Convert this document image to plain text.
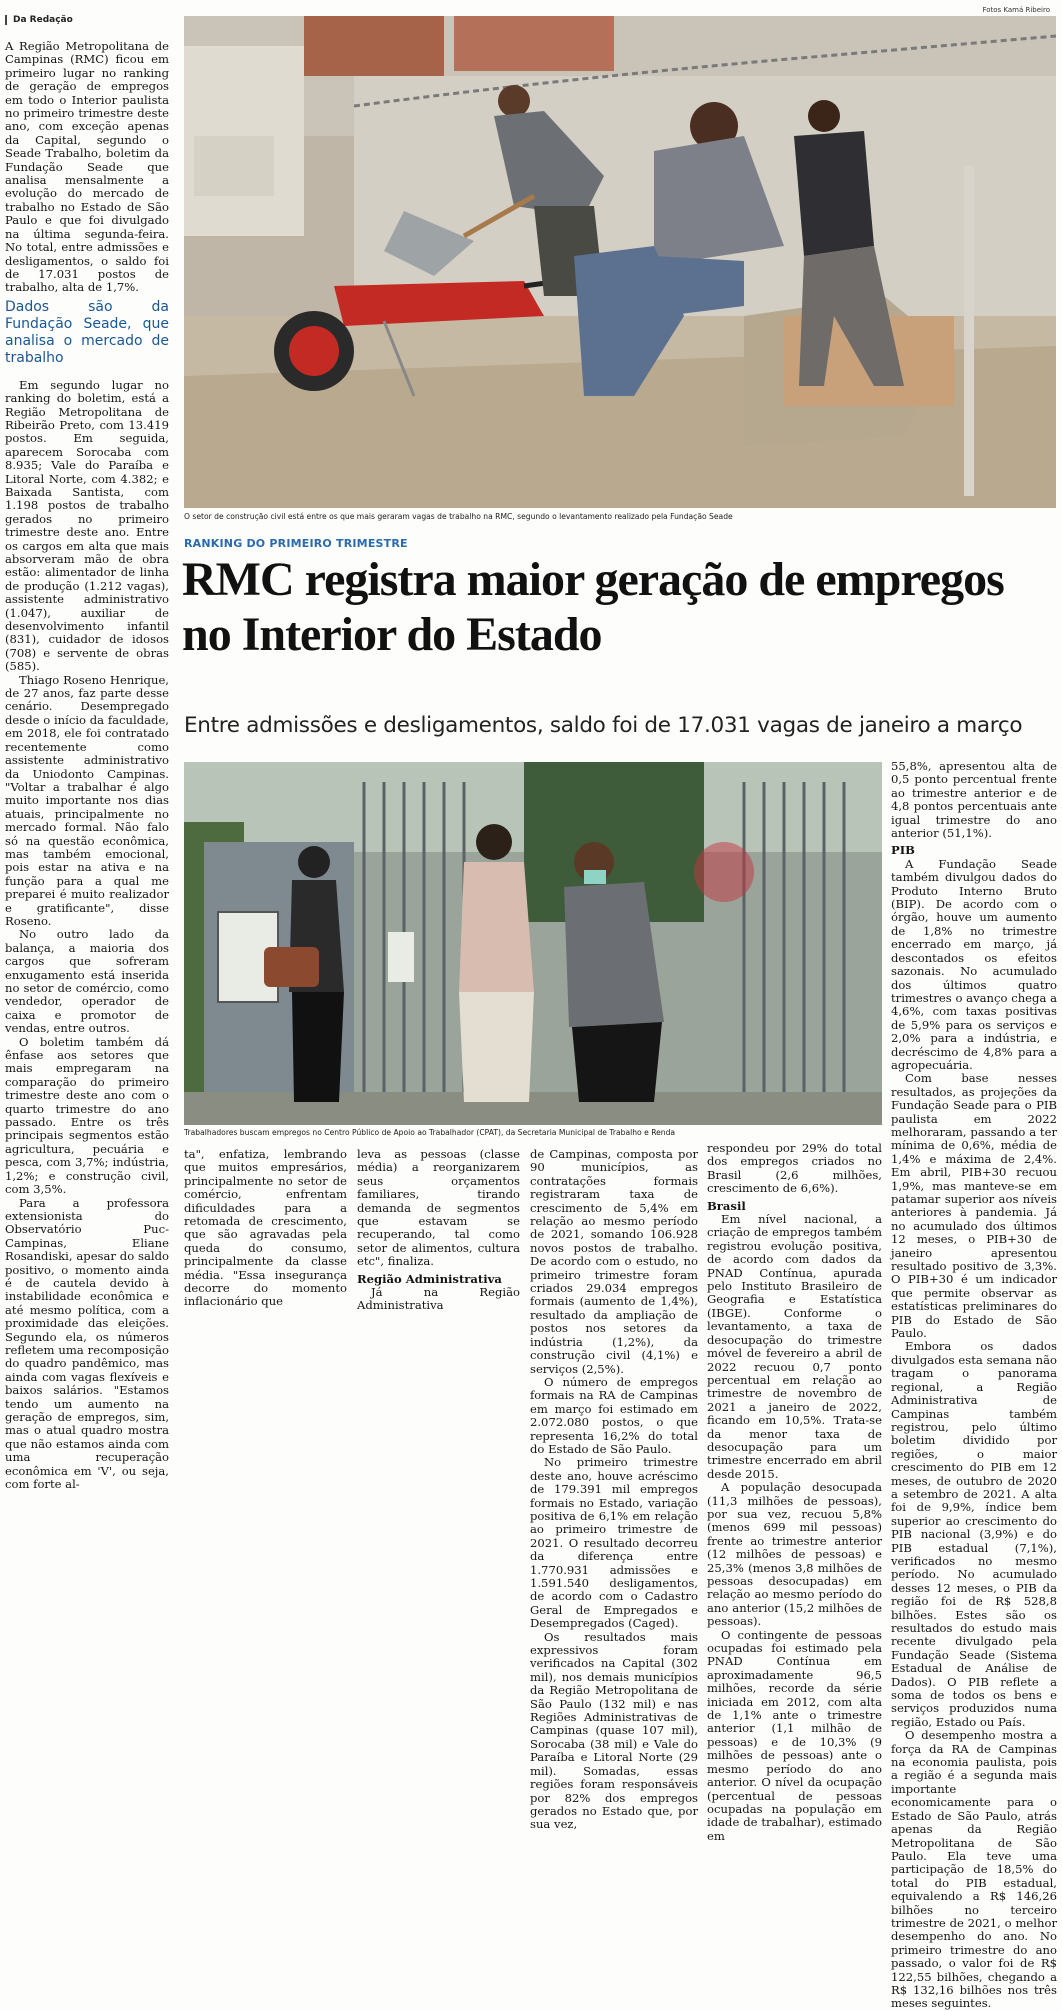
Fotos Kamá Ribeiro
Da Redação

A Região Metropolitana de Campinas (RMC) ficou em primeiro lugar no ranking de geração de empregos em todo o Interior paulista no primeiro trimestre deste ano, com exceção apenas da Capital, segundo o Seade Trabalho, boletim da Fundação Seade que analisa mensalmente a evolução do mercado de trabalho no Estado de São Paulo e que foi divulgado na última segunda-feira. No total, entre admissões e desligamentos, o saldo foi de 17.031 postos de trabalho, alta de 1,7%.

Dados são da Fundação Seade, que analisa o mercado de trabalho

Em segundo lugar no ranking do boletim, está a Região Metropolitana de Ribeirão Preto, com 13.419 postos. Em seguida, aparecem Sorocaba com 8.935; Vale do Paraíba e Litoral Norte, com 4.382; e Baixada Santista, com 1.198 postos de trabalho gerados no primeiro trimestre deste ano. Entre os cargos em alta que mais absorveram mão de obra estão: alimentador de linha de produção (1.212 vagas), assistente administrativo (1.047), auxiliar de desenvolvimento infantil (831), cuidador de idosos (708) e servente de obras (585).

Thiago Roseno Henrique, de 27 anos, faz parte desse cenário. Desempregado desde o início da faculdade, em 2018, ele foi contratado recentemente como assistente administrativo da Uniodonto Campinas. "Voltar a trabalhar é algo muito importante nos dias atuais, principalmente no mercado formal. Não falo só na questão econômica, mas também emocional, pois estar na ativa e na função para a qual me preparei é muito realizador e gratificante", disse Roseno.

No outro lado da balança, a maioria dos cargos que sofreram enxugamento está inserida no setor de comércio, como vendedor, operador de caixa e promotor de vendas, entre outros.

O boletim também dá ênfase aos setores que mais empregaram na comparação do primeiro trimestre deste ano com o quarto trimestre do ano passado. Entre os três principais segmentos estão agricultura, pecuária e pesca, com 3,7%; indústria, 1,2%; e construção civil, com 3,5%.

Para a professora extensionista do Observatório Puc-Campinas, Eliane Rosandiski, apesar do saldo positivo, o momento ainda é de cautela devido à instabilidade econômica e até mesmo política, com a proximidade das eleições. Segundo ela, os números refletem uma recomposição do quadro pandêmico, mas ainda com vagas flexíveis e baixos salários. "Estamos tendo um aumento na geração de empregos, sim, mas o atual quadro mostra que não estamos ainda com uma recuperação econômica em 'V', ou seja, com forte al-

O setor de construção civil está entre os que mais geraram vagas de trabalho na RMC, segundo o levantamento realizado pela Fundação Seade
RANKING DO PRIMEIRO TRIMESTRE
RMC registra maior geração de empregos no Interior do Estado
Entre admissões e desligamentos, saldo foi de 17.031 vagas de janeiro a março
Trabalhadores buscam empregos no Centro Público de Apoio ao Trabalhador (CPAT), da Secretaria Municipal de Trabalho e Renda

ta", enfatiza, lembrando que muitos empresários, principalmente no setor de comércio, enfrentam dificuldades para a retomada de crescimento, que são agravadas pela queda do consumo, principalmente da classe média. "Essa insegurança decorre do momento inflacionário que

leva as pessoas (classe média) a reorganizarem seus orçamentos familiares, tirando demanda de segmentos que estavam se recuperando, tal como setor de alimentos, cultura etc", finaliza.

Região Administrativa

Já na Região Administrativa

de Campinas, composta por 90 municípios, as contratações formais registraram taxa de crescimento de 5,4% em relação ao mesmo período de 2021, somando 106.928 novos postos de trabalho. De acordo com o estudo, no primeiro trimestre foram criados 29.034 empregos formais (aumento de 1,4%), resultado da ampliação de postos nos setores da indústria (1,2%), da construção civil (4,1%) e serviços (2,5%).

O número de empregos formais na RA de Campinas em março foi estimado em 2.072.080 postos, o que representa 16,2% do total do Estado de São Paulo.

No primeiro trimestre deste ano, houve acréscimo de 179.391 mil empregos formais no Estado, variação positiva de 6,1% em relação ao primeiro trimestre de 2021. O resultado decorreu da diferença entre 1.770.931 admissões e 1.591.540 desligamentos, de acordo com o Cadastro Geral de Empregados e Desempregados (Caged).

Os resultados mais expressivos foram verificados na Capital (302 mil), nos demais municípios da Região Metropolitana de São Paulo (132 mil) e nas Regiões Administrativas de Campinas (quase 107 mil), Sorocaba (38 mil) e Vale do Paraíba e Litoral Norte (29 mil). Somadas, essas regiões foram responsáveis por 82% dos empregos gerados no Estado que, por sua vez,

respondeu por 29% do total dos empregos criados no Brasil (2,6 milhões, crescimento de 6,6%).

Brasil

Em nível nacional, a criação de empregos também registrou evolução positiva, de acordo com dados da PNAD Contínua, apurada pelo Instituto Brasileiro de Geografia e Estatística (IBGE). Conforme o levantamento, a taxa de desocupação do trimestre móvel de fevereiro a abril de 2022 recuou 0,7 ponto percentual em relação ao trimestre de novembro de 2021 a janeiro de 2022, ficando em 10,5%. Trata-se da menor taxa de desocupação para um trimestre encerrado em abril desde 2015.

A população desocupada (11,3 milhões de pessoas), por sua vez, recuou 5,8% (menos 699 mil pessoas) frente ao trimestre anterior (12 milhões de pessoas) e 25,3% (menos 3,8 milhões de pessoas desocupadas) em relação ao mesmo período do ano anterior (15,2 milhões de pessoas).

O contingente de pessoas ocupadas foi estimado pela PNAD Contínua em aproximadamente 96,5 milhões, recorde da série iniciada em 2012, com alta de 1,1% ante o trimestre anterior (1,1 milhão de pessoas) e de 10,3% (9 milhões de pessoas) ante o mesmo período do ano anterior. O nível da ocupação (percentual de pessoas ocupadas na população em idade de trabalhar), estimado em

55,8%, apresentou alta de 0,5 ponto percentual frente ao trimestre anterior e de 4,8 pontos percentuais ante igual trimestre do ano anterior (51,1%).

PIB

A Fundação Seade também divulgou dados do Produto Interno Bruto (BIP). De acordo com o órgão, houve um aumento de 1,8% no trimestre encerrado em março, já descontados os efeitos sazonais. No acumulado dos últimos quatro trimestres o avanço chega a 4,6%, com taxas positivas de 5,9% para os serviços e 2,0% para a indústria, e decréscimo de 4,8% para a agropecuária.

Com base nesses resultados, as projeções da Fundação Seade para o PIB paulista em 2022 melhoraram, passando a ter mínima de 0,6%, média de 1,4% e máxima de 2,4%. Em abril, PIB+30 recuou 1,9%, mas manteve-se em patamar superior aos níveis anteriores à pandemia. Já no acumulado dos últimos 12 meses, o PIB+30 de janeiro apresentou resultado positivo de 3,3%. O PIB+30 é um indicador que permite observar as estatísticas preliminares do PIB do Estado de São Paulo.

Embora os dados divulgados esta semana não tragam o panorama regional, a Região Administrativa de Campinas também registrou, pelo último boletim dividido por regiões, o maior crescimento do PIB em 12 meses, de outubro de 2020 a setembro de 2021. A alta foi de 9,9%, índice bem superior ao crescimento do PIB nacional (3,9%) e do PIB estadual (7,1%), verificados no mesmo período. No acumulado desses 12 meses, o PIB da região foi de R$ 528,8 bilhões. Estes são os resultados do estudo mais recente divulgado pela Fundação Seade (Sistema Estadual de Análise de Dados). O PIB reflete a soma de todos os bens e serviços produzidos numa região, Estado ou País.

O desempenho mostra a força da RA de Campinas na economia paulista, pois a região é a segunda mais importante economicamente para o Estado de São Paulo, atrás apenas da Região Metropolitana de São Paulo. Ela teve uma participação de 18,5% do total do PIB estadual, equivalendo a R$ 146,26 bilhões no terceiro trimestre de 2021, o melhor desempenho do ano. No primeiro trimestre do ano passado, o valor foi de R$ 122,55 bilhões, chegando a R$ 132,16 bilhões nos três meses seguintes.
